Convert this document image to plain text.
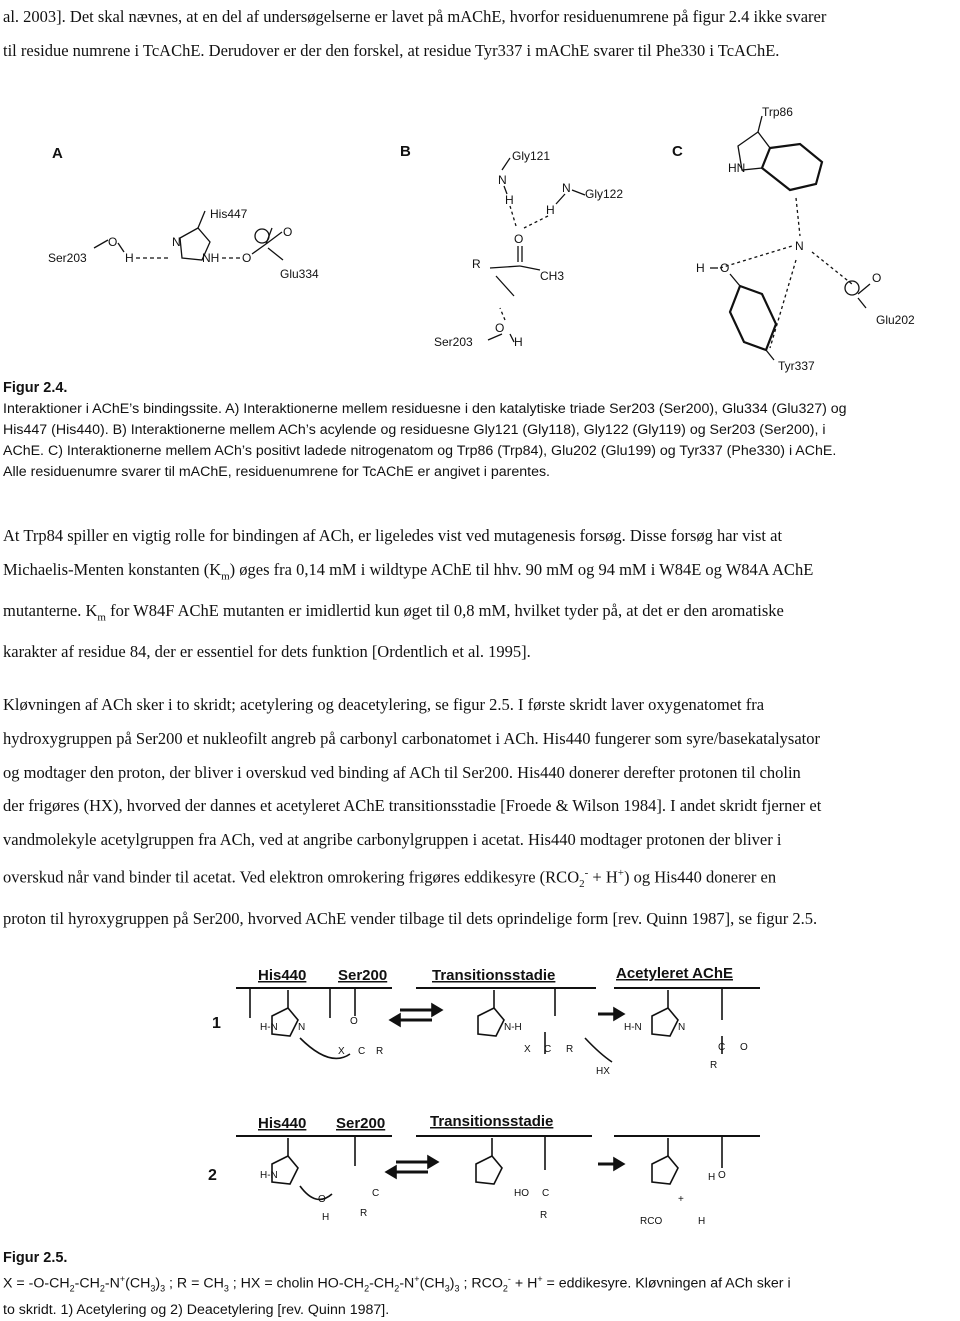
al. 2003]. Det skal nævnes, at en del af undersøgelserne er lavet på mAChE, hvorfor residuenumrene på figur 2.4 ikke svarer
til residue numrene i TcAChE. Derudover er der den forskel, at residue Tyr337 i mAChE svarer til Phe330 i TcAChE.
A	B	C
Ser203
O
H
N
His447
NH O
O
Glu334
Gly121
N
H
N Gly122
H
O
R
CH3
O
Ser203	H
Trp86
HN
N
H O
O
Glu202
Tyr337
Figur 2.4.
Interaktioner i AChE’s bindingssite. A) Interaktionerne mellem residuesne i den katalytiske triade Ser203 (Ser200), Glu334 (Glu327) og
His447 (His440). B) Interaktionerne mellem ACh’s acylende og residuesne Gly121 (Gly118), Gly122 (Gly119) og Ser203 (Ser200), i
AChE. C) Interaktionerne mellem ACh’s positivt ladede nitrogenatom og Trp86 (Trp84), Glu202 (Glu199) og Tyr337 (Phe330) i AChE.
Alle residuenumre svarer til mAChE, residuenumrene for TcAChE er angivet i parentes.
At Trp84 spiller en vigtig rolle for bindingen af ACh, er ligeledes vist ved mutagenesis forsøg. Disse forsøg har vist at
Michaelis-Menten konstanten $(K_m)$ øges fra 0,14 mM i wildtype AChE til hhv. 90 mM og 94 mM i W84E og W84A AChE
mutanterne. $K_m$ for W84F AChE mutanten er imidlertid kun øget til 0,8 mM, hvilket tyder på, at det er den aromatiske
karakter af residue 84, der er essentiel for dets funktion [Ordentlich et al. 1995].
Kløvningen af ACh sker i to skridt; acetylering og deacetylering, se figur 2.5. I første skridt laver oxygenatomet fra
hydroxygruppen på Ser200 et nukleofilt angreb på carbonyl carbonatomet i ACh. His440 fungerer som syre/basekatalysator
og modtager den proton, der bliver i overskud ved binding af ACh til Ser200. His440 donerer derefter protonen til cholin
der frigøres (HX), hvorved der dannes et acetyleret AChE transitionsstadie [Froede & Wilson 1984]. I andet skridt fjerner et
vandmolekyle acetylgruppen fra ACh, ved at angribe carbonylgruppen i acetat. His440 modtager protonen der bliver i
overskud når vand binder til acetat. Ved elektron omrokering frigøres eddikesyre $(RCO_2^- + H^+)$ og His440 donerer en
proton til hyroxygruppen på Ser200, hvorved AChE vender tilbage til dets oprindelige form [rev. Quinn 1987], se figur 2.5.
His440 Ser200	Transitionsstadie	Acetyleret AChE
His440 Ser200	Transitionsstadie
1
2
H-N N
O
X C R
N-H
X C R
HX
H-N	N
C O
R
H-N
O
H
C
R
HO C
R
H O
+
RCO	H
Figur 2.5.
$X = -O-CH_2-CH_2-N^+(CH_3)_3$ ; $R = CH_3$ ; HX = cholin $HO-CH_2-CH_2-N^+(CH_3)_3$ ; $RCO_2^- + H^+$ = eddikesyre. Kløvningen af ACh sker i
to skridt. 1) Acetylering og 2) Deacetylering [rev. Quinn 1987].
